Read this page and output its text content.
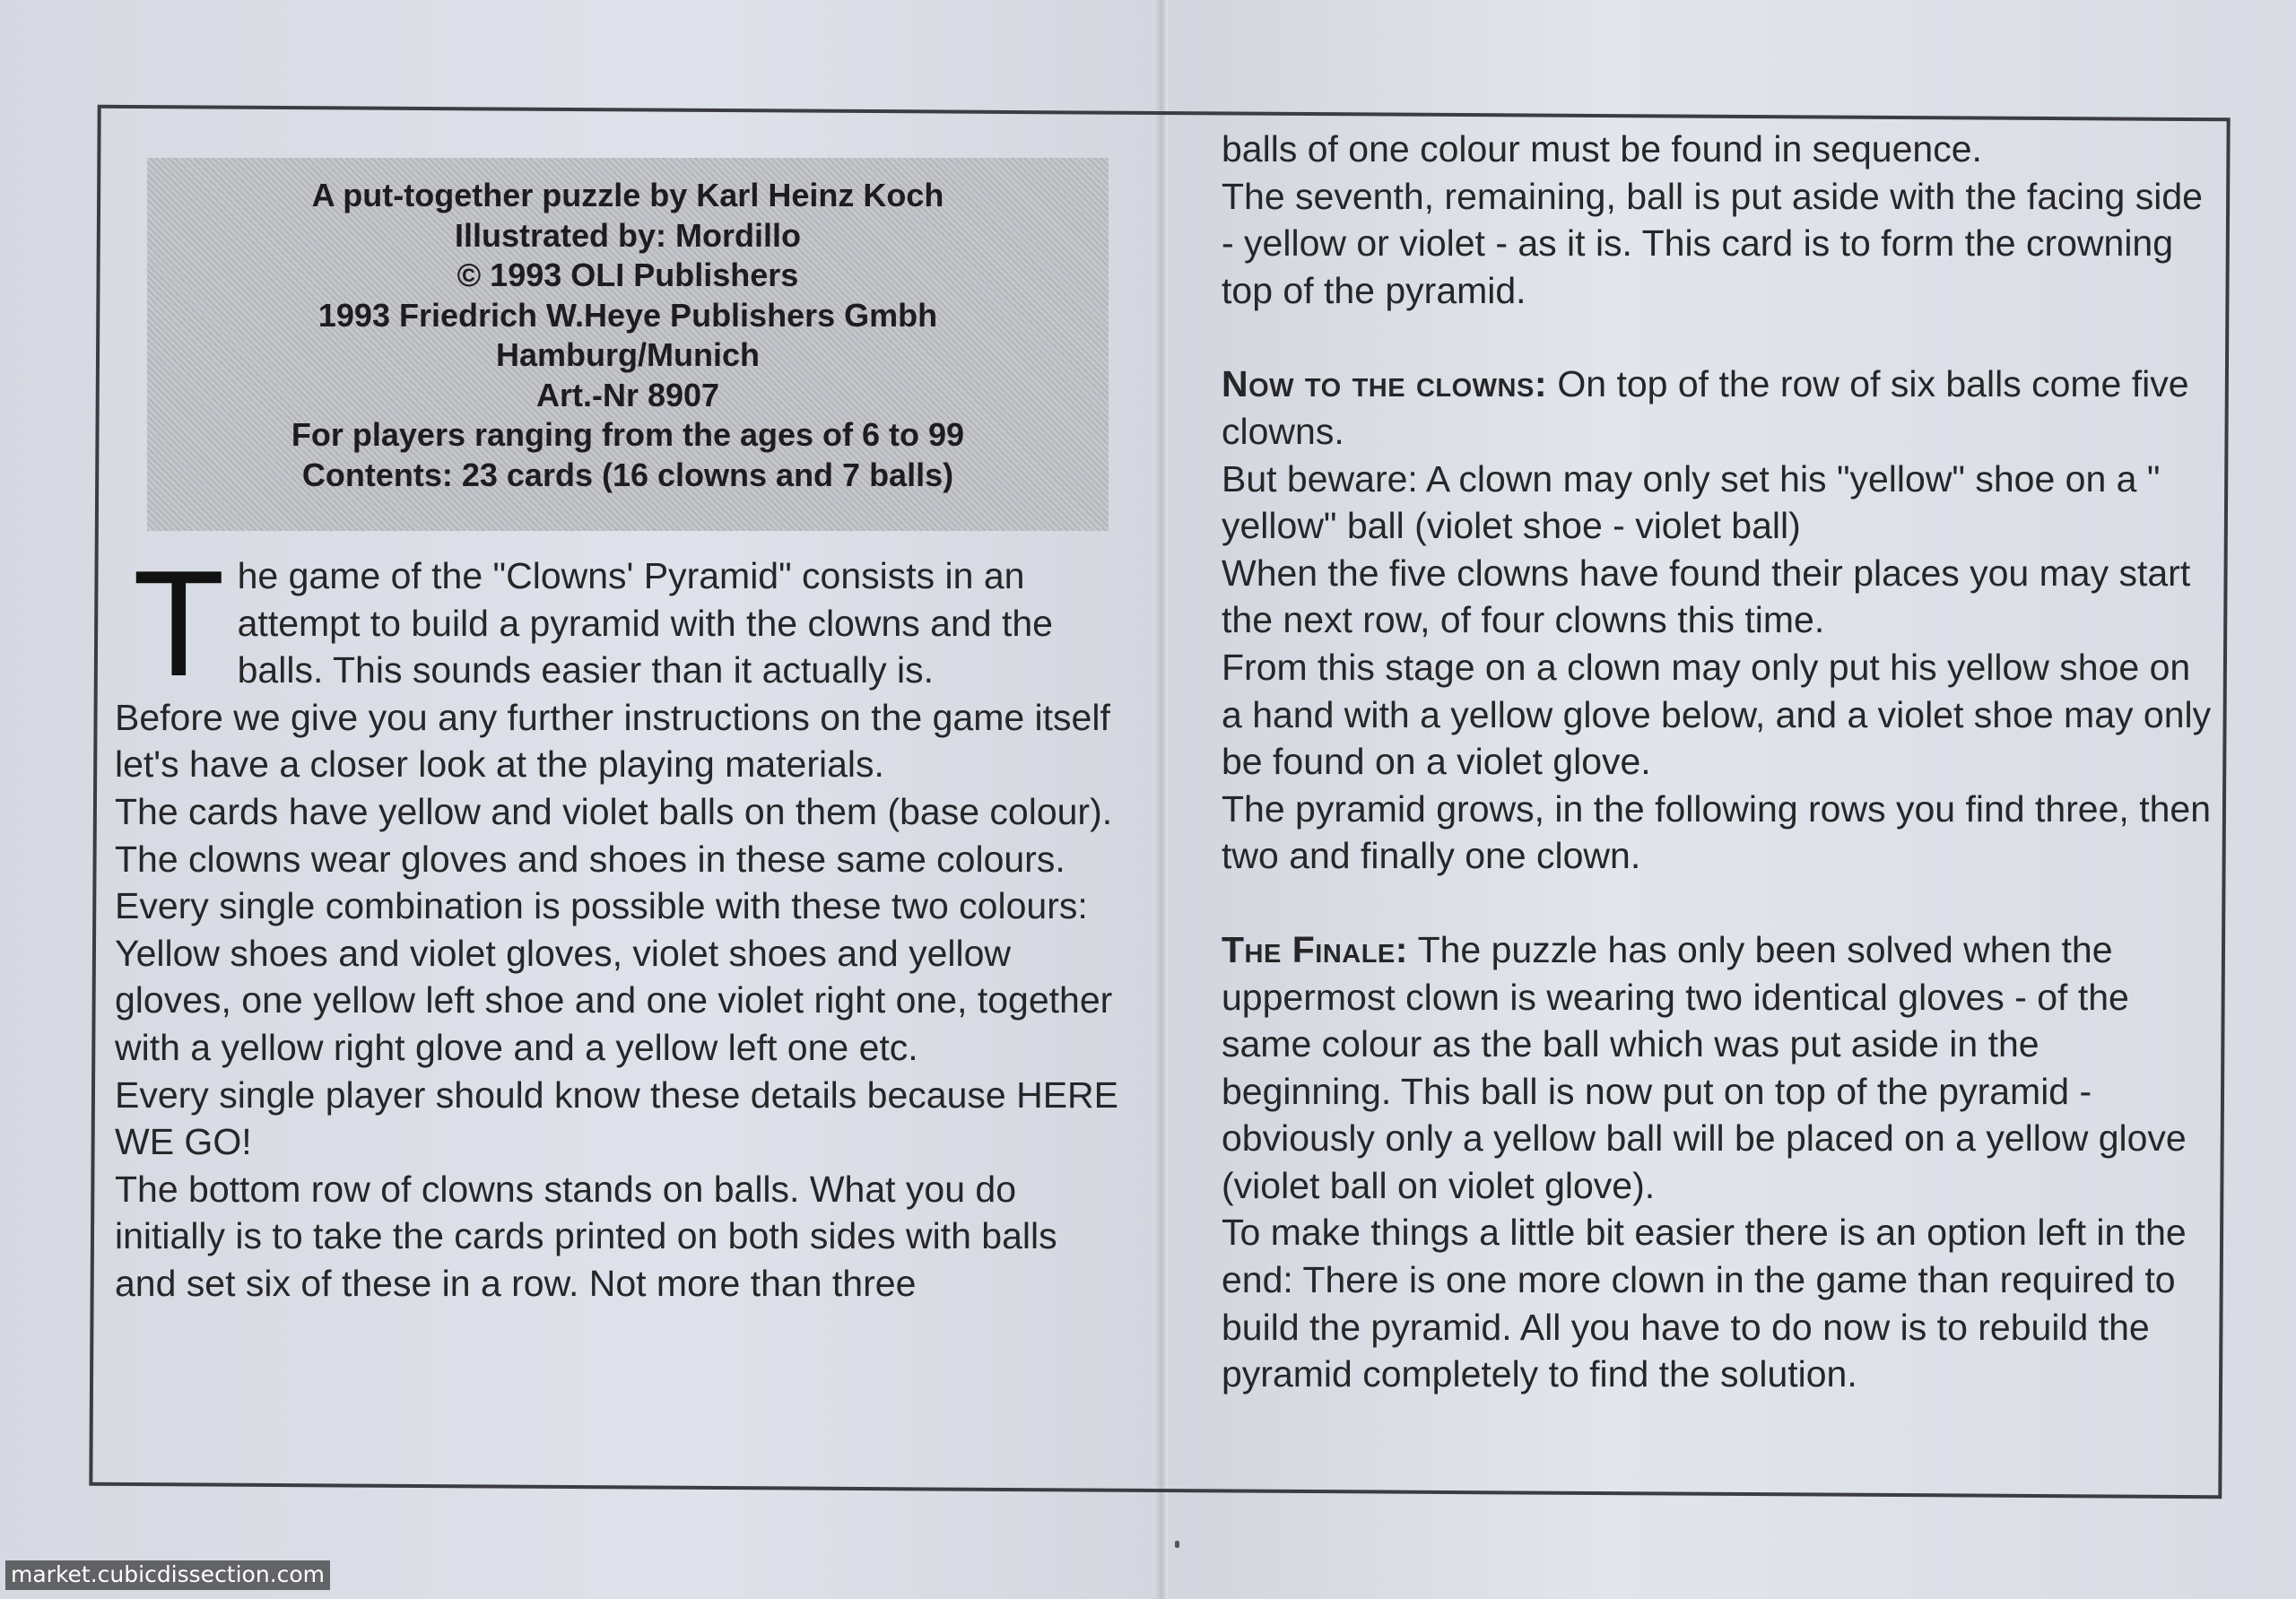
A put-together puzzle by Karl Heinz Koch
Illustrated by: Mordillo
© 1993 OLI Publishers
1993 Friedrich W.Heye Publishers Gmbh
Hamburg/Munich
Art.-Nr 8907
For players ranging from the ages of 6 to 99
Contents: 23 cards (16 clowns and 7 balls)

The game of the "Clowns' Pyramid" consists in an attempt to build a pyramid with the clowns and the balls. This sounds easier than it actually is.

Before we give you any further instructions on the game itself let's have a closer look at the playing materials.

The cards have yellow and violet balls on them (base colour). The clowns wear gloves and shoes in these same colours. Every single combination is possible with these two colours:

Yellow shoes and violet gloves, violet shoes and yellow gloves, one yellow left shoe and one violet right one, together with a yellow right glove and a yellow left one etc.

Every single player should know these details because HERE WE GO!

The bottom row of clowns stands on balls. What you do initially is to take the cards printed on both sides with balls and set six of these in a row. Not more than three

balls of one colour must be found in sequence.

The seventh, remaining, ball is put aside with the facing side - yellow or violet - as it is. This card is to form the crowning top of the pyramid.

Now to the clowns: On top of the row of six balls come five clowns.

But beware: A clown may only set his "yellow" shoe on a " yellow" ball (violet shoe - violet ball)

When the five clowns have found their places you may start the next row, of four clowns this time.

From this stage on a clown may only put his yellow shoe on a hand with a yellow glove below, and a violet shoe may only be found on a violet glove.

The pyramid grows, in the following rows you find three, then two and finally one clown.

The Finale: The puzzle has only been solved when the uppermost clown is wearing two identical gloves - of the same colour as the ball which was put aside in the beginning. This ball is now put on top of the pyramid - obviously only a yellow ball will be placed on a yellow glove (violet ball on violet glove).

To make things a little bit easier there is an option left in the end: There is one more clown in the game than required to build the pyramid. All you have to do now is to rebuild the pyramid completely to find the solution.

market.cubicdissection.com
